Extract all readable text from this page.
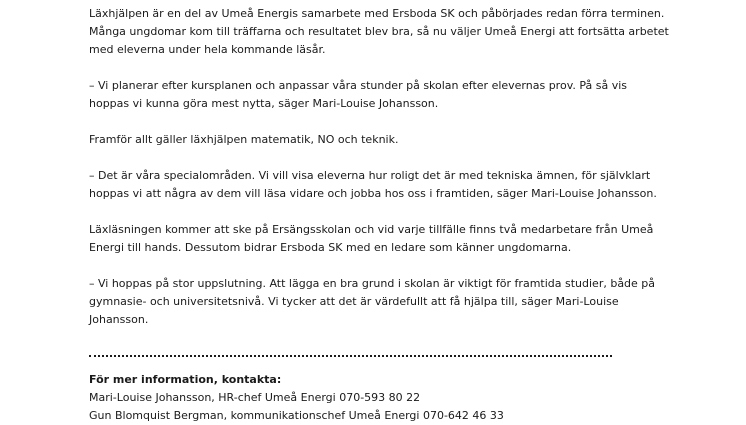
Läxhjälpen är en del av Umeå Energis samarbete med Ersboda SK och påbörjades redan förra terminen.

Många ungdomar kom till träffarna och resultatet blev bra, så nu väljer Umeå Energi att fortsätta arbetet

med eleverna under hela kommande läsår.

– Vi planerar efter kursplanen och anpassar våra stunder på skolan efter elevernas prov. På så vis

hoppas vi kunna göra mest nytta, säger Mari-Louise Johansson.

Framför allt gäller läxhjälpen matematik, NO och teknik.

– Det är våra specialområden. Vi vill visa eleverna hur roligt det är med tekniska ämnen, för självklart

hoppas vi att några av dem vill läsa vidare och jobba hos oss i framtiden, säger Mari-Louise Johansson.

Läxläsningen kommer att ske på Ersängsskolan och vid varje tillfälle finns två medarbetare från Umeå

Energi till hands. Dessutom bidrar Ersboda SK med en ledare som känner ungdomarna.

– Vi hoppas på stor uppslutning. Att lägga en bra grund i skolan är viktigt för framtida studier, både på

gymnasie- och universitetsnivå. Vi tycker att det är värdefullt att få hjälpa till, säger Mari-Louise

Johansson.

För mer information, kontakta:

Mari-Louise Johansson, HR-chef Umeå Energi 070-593 80 22

Gun Blomquist Bergman, kommunikationschef Umeå Energi 070-642 46 33
